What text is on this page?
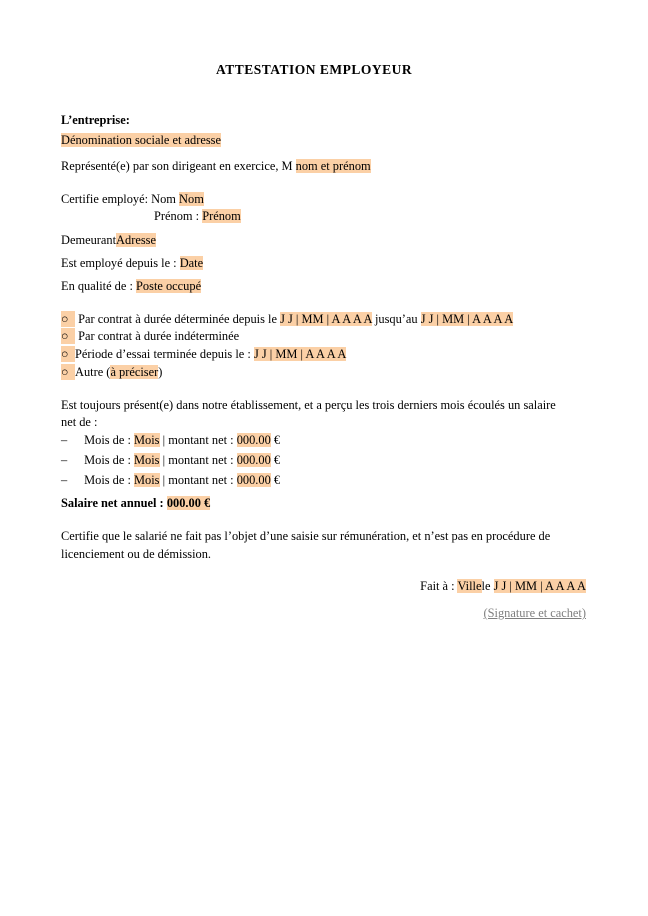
ATTESTATION EMPLOYEUR
L’entreprise:
Dénomination sociale et adresse
Représenté(e) par son dirigeant en exercice, M nom et prénom
Certifie employé: Nom Nom
Prénom : Prénom
DemeurantAdresse
Est employé depuis le : Date
En qualité de : Poste occupé
○ Par contrat à durée déterminée depuis le J J | MM | A A A A jusqu’au J J | MM | A A A A
○ Par contrat à durée indéterminée
○ Période d’essai terminée depuis le : J J | MM | A A A A
○ Autre (à préciser)
Est toujours présent(e) dans notre établissement, et a perçu les trois derniers mois écoulés un salaire
net de :
– Mois de : Mois | montant net : 000.00 €
– Mois de : Mois | montant net : 000.00 €
– Mois de : Mois | montant net : 000.00 €
Salaire net annuel : 000.00 €
Certifie que le salarié ne fait pas l’objet d’une saisie sur rémunération, et n’est pas en procédure de
licenciement ou de démission.
Fait à : Villele J J | MM | A A A A
(Signature et cachet)
